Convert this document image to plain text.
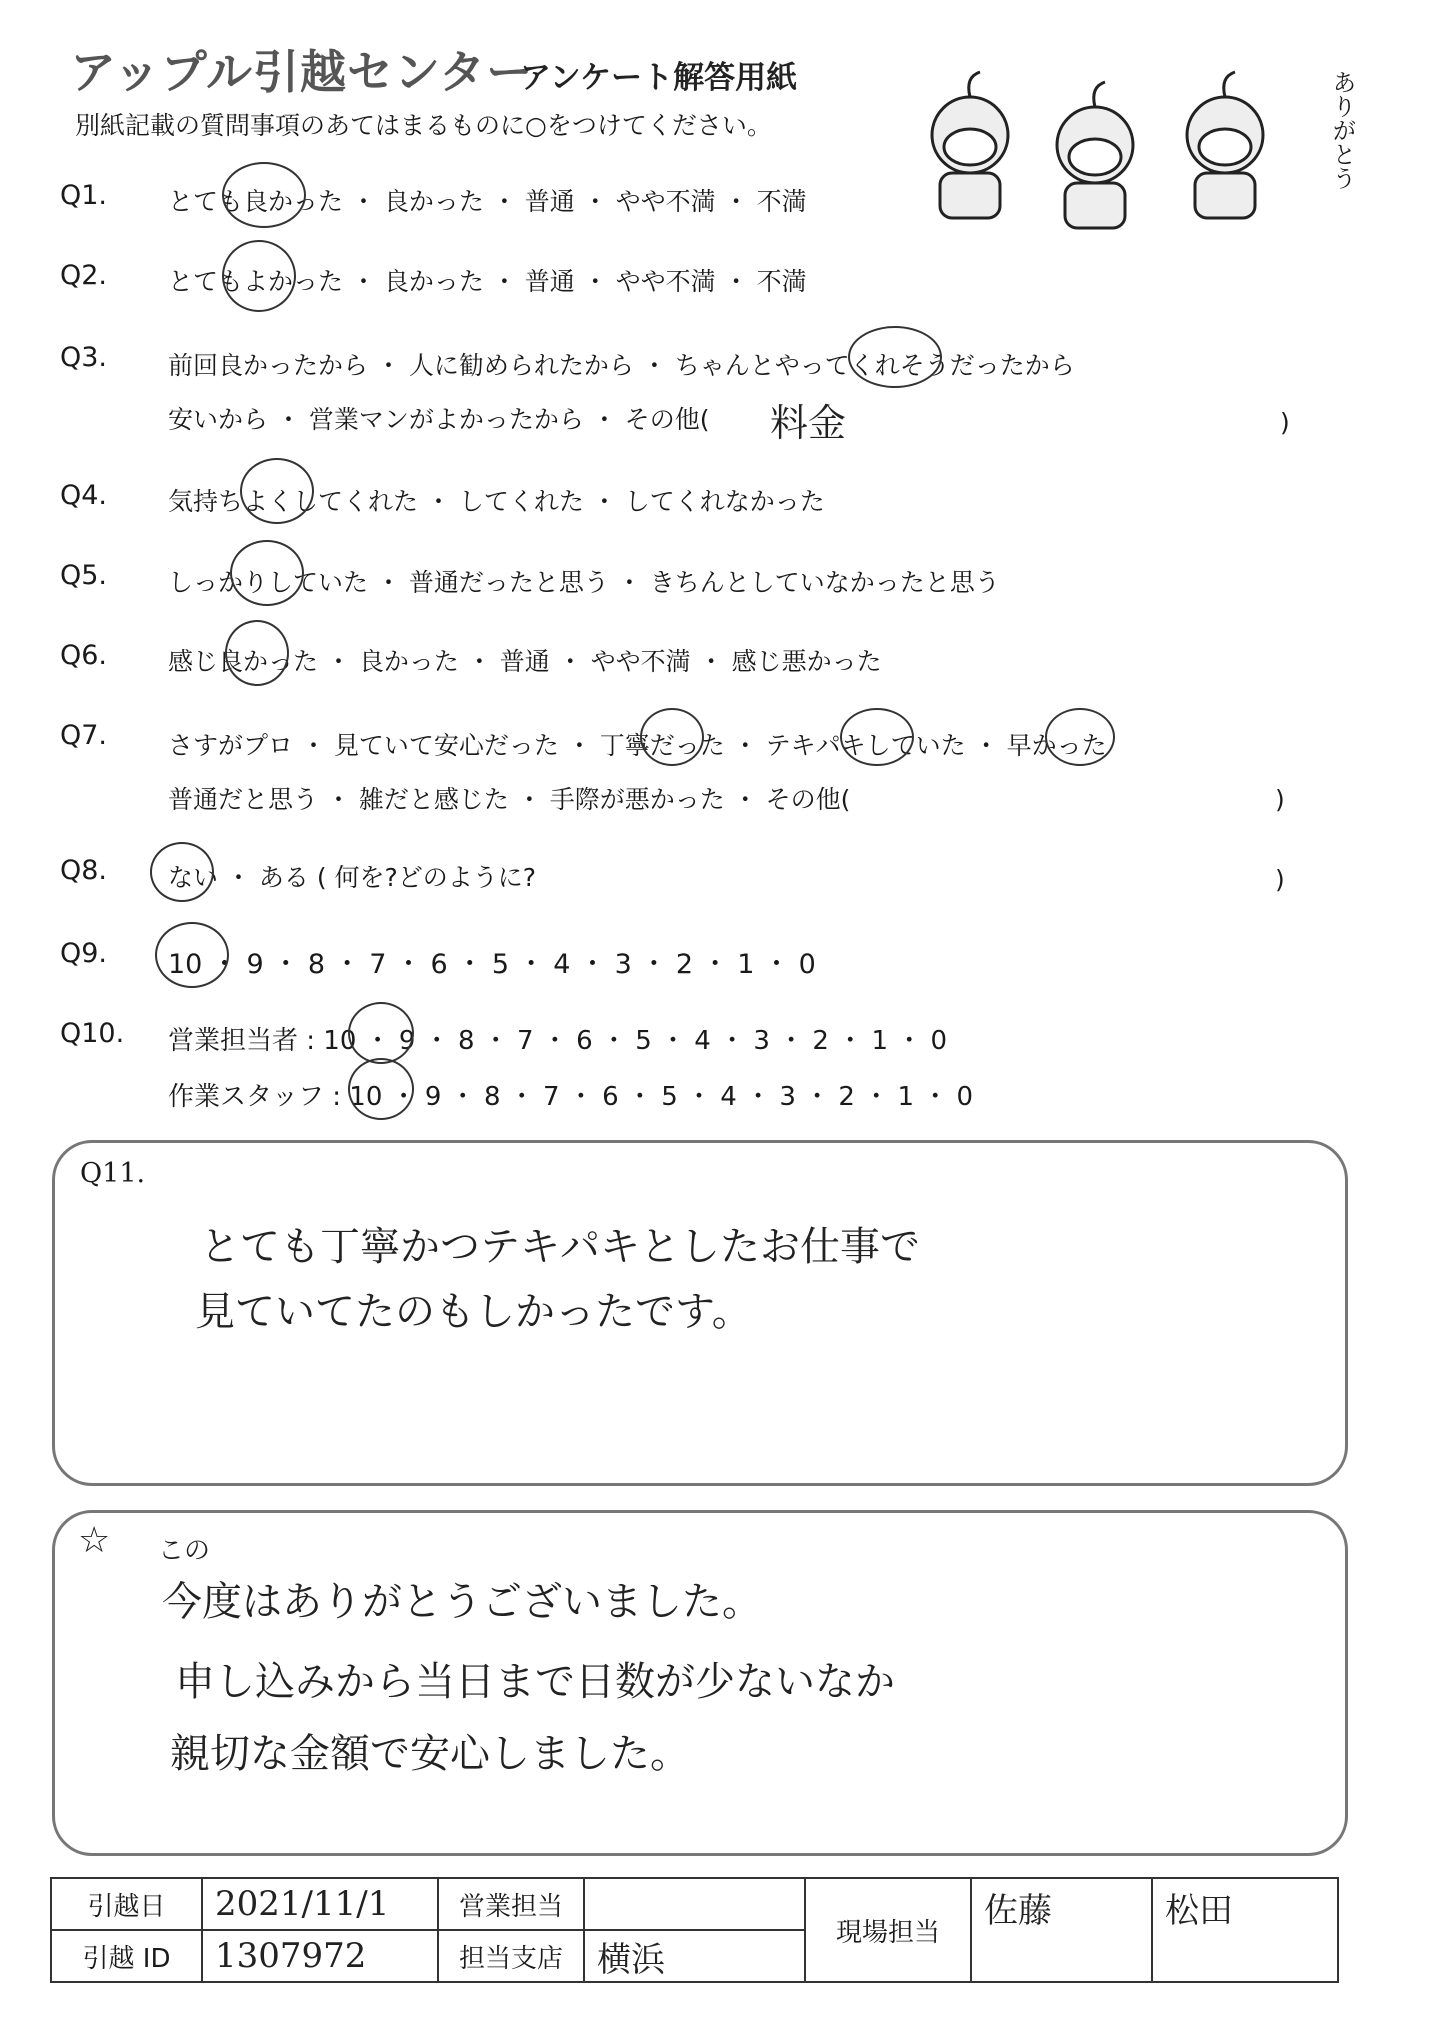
アップル引越センター
アンケート解答用紙
別紙記載の質問事項のあてはまるものに○をつけてください。	ありがとう
Q1. とても良かった ・ 良かった ・ 普通 ・ やや不満 ・ 不満
Q2. とてもよかった ・ 良かった ・ 普通 ・ やや不満 ・ 不満
Q3. 前回良かったから ・ 人に勧められたから ・ ちゃんとやってくれそうだったから
安いから ・ 営業マンがよかったから ・ その他( 料金	)
Q4. 気持ちよくしてくれた ・ してくれた ・ してくれなかった
Q5. しっかりしていた ・ 普通だったと思う ・ きちんとしていなかったと思う
Q6. 感じ良かった ・ 良かった ・ 普通 ・ やや不満 ・ 感じ悪かった
Q7. さすがプロ ・ 見ていて安心だった ・ 丁寧だった ・ テキパキしていた ・ 早かった
普通だと思う ・ 雑だと感じた ・ 手際が悪かった ・ その他(	)
Q8. ない ・ ある ( 何を?どのように?	)
Q9. 10 ・ 9 ・ 8 ・ 7 ・ 6 ・ 5 ・ 4 ・ 3 ・ 2 ・ 1 ・ 0
Q10. 営業担当者 : 10 ・ 9 ・ 8 ・ 7 ・ 6 ・ 5 ・ 4 ・ 3 ・ 2 ・ 1 ・ 0
作業スタッフ : 10 ・ 9 ・ 8 ・ 7 ・ 6 ・ 5 ・ 4 ・ 3 ・ 2 ・ 1 ・ 0
Q11.
とても丁寧かつテキパキとしたお仕事で
見ていてたのもしかったです。
☆ この
今度はありがとうございました。
申し込みから当日まで日数が少ないなか
親切な金額で安心しました。
引越日	2021/11/1	営業担当		現場担当	佐藤	松田
引越 ID	1307972	担当支店	横浜			
